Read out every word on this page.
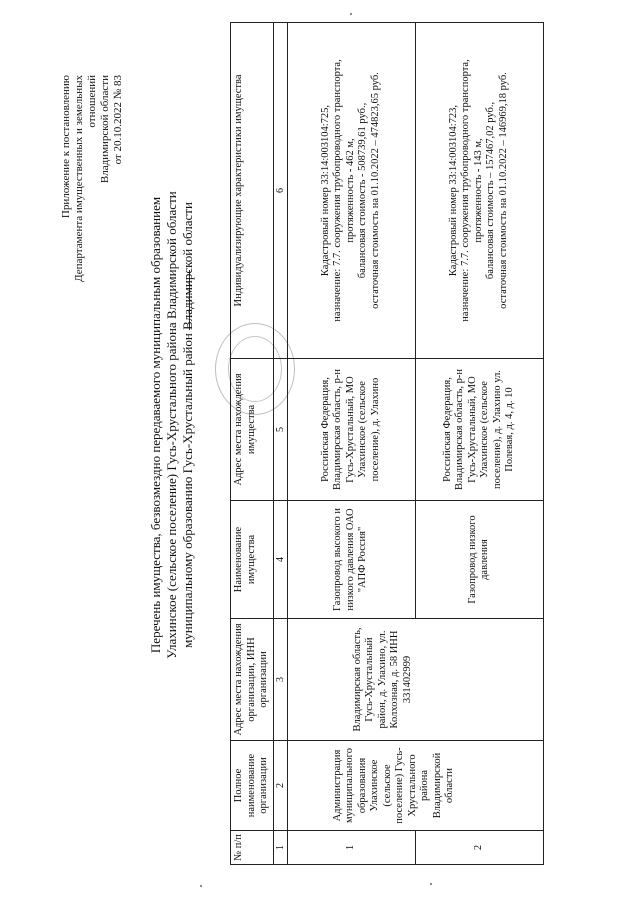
Приложение к постановлению Департамента имущественных и земельных отношений Владимирской области от 20.10.2022 № 83
Перечень имущества, безвозмездно передаваемого муниципальным образованием Улахинское (сельское поселение) Гусь-Хрустального района Владимирской области муниципальному образованию Гусь-Хрустальный район Владимирской области
№ п/п	Полное наименование организации	Адрес места нахождения организации, ИНН организации	Наименование имущества	Адрес места нахождения имущества	Индивидуализирующие характеристики имущества
1	2	3	4	5	6
1	Администрация муниципального образования Улахинское (сельское поселение) Гусь-Хрустального района Владимирской области	Владимирская область, Гусь-Хрустальный район, д. Улахино, ул. Колхозная, д. 58 ИНН 331402999	Газопровод высокого и низкого давления ОАО "АПФ Россия"	Российская Федерация, Владимирская область, р-н Гусь-Хрустальный, МО Улахинское (сельское поселение), д. Улахино	Кадастровый номер 33:14:003104:725, назначение: 7.7. сооружения трубопроводного транспорта, протяженность - 462 м, балансовая стоимость - 508739,61 руб., остаточная стоимость на 01.10.2022 – 474823,65 руб.

2			Газопровод низкого давления	Российская Федерация, Владимирская область, р-н Гусь-Хрустальный, МО Улахинское (сельское поселение), д. Улахино ул. Полевая, д. 4, д. 10	Кадастровый номер 33:14:003104:723, назначение: 7.7. сооружения трубопроводного транспорта, протяженность - 143 м, балансовая стоимость – 157467,02 руб., остаточная стоимость на 01.10.2022 – 146969,18 руб.
